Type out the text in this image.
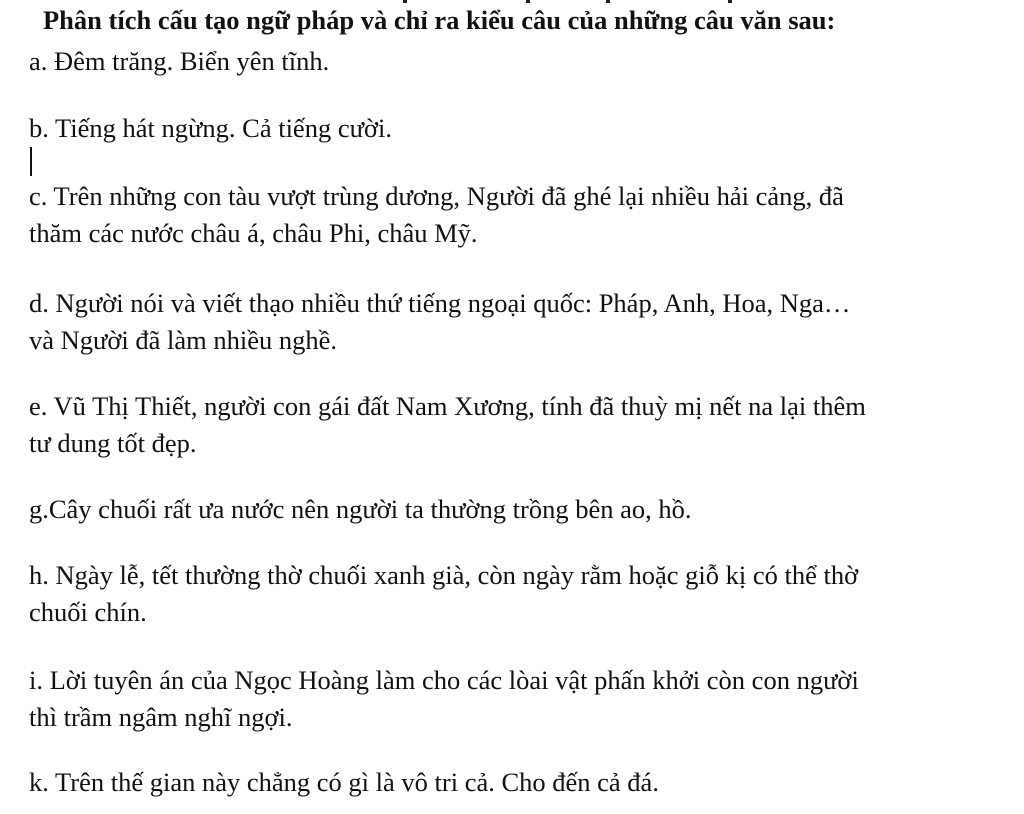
Phân tích cấu tạo ngữ pháp và chỉ ra kiểu câu của những câu văn sau:
a. Đêm trăng. Biển yên tĩnh.
b. Tiếng hát ngừng. Cả tiếng cười.
c. Trên những con tàu vượt trùng dương, Người đã ghé lại nhiều hải cảng, đã
thăm các nước châu á, châu Phi, châu Mỹ.
d. Người nói và viết thạo nhiều thứ tiếng ngoại quốc: Pháp, Anh, Hoa, Nga…
và Người đã làm nhiều nghề.
e. Vũ Thị Thiết, người con gái đất Nam Xương, tính đã thuỳ mị nết na lại thêm
tư dung tốt đẹp.
g.Cây chuối rất ưa nước nên người ta thường trồng bên ao, hồ.
h. Ngày lễ, tết thường thờ chuối xanh già, còn ngày rằm hoặc giỗ kị có thể thờ
chuối chín.
i. Lời tuyên án của Ngọc Hoàng làm cho các lòai vật phấn khởi còn con người
thì trầm ngâm nghĩ ngợi.
k. Trên thế gian này chẳng có gì là vô tri cả. Cho đến cả đá.
